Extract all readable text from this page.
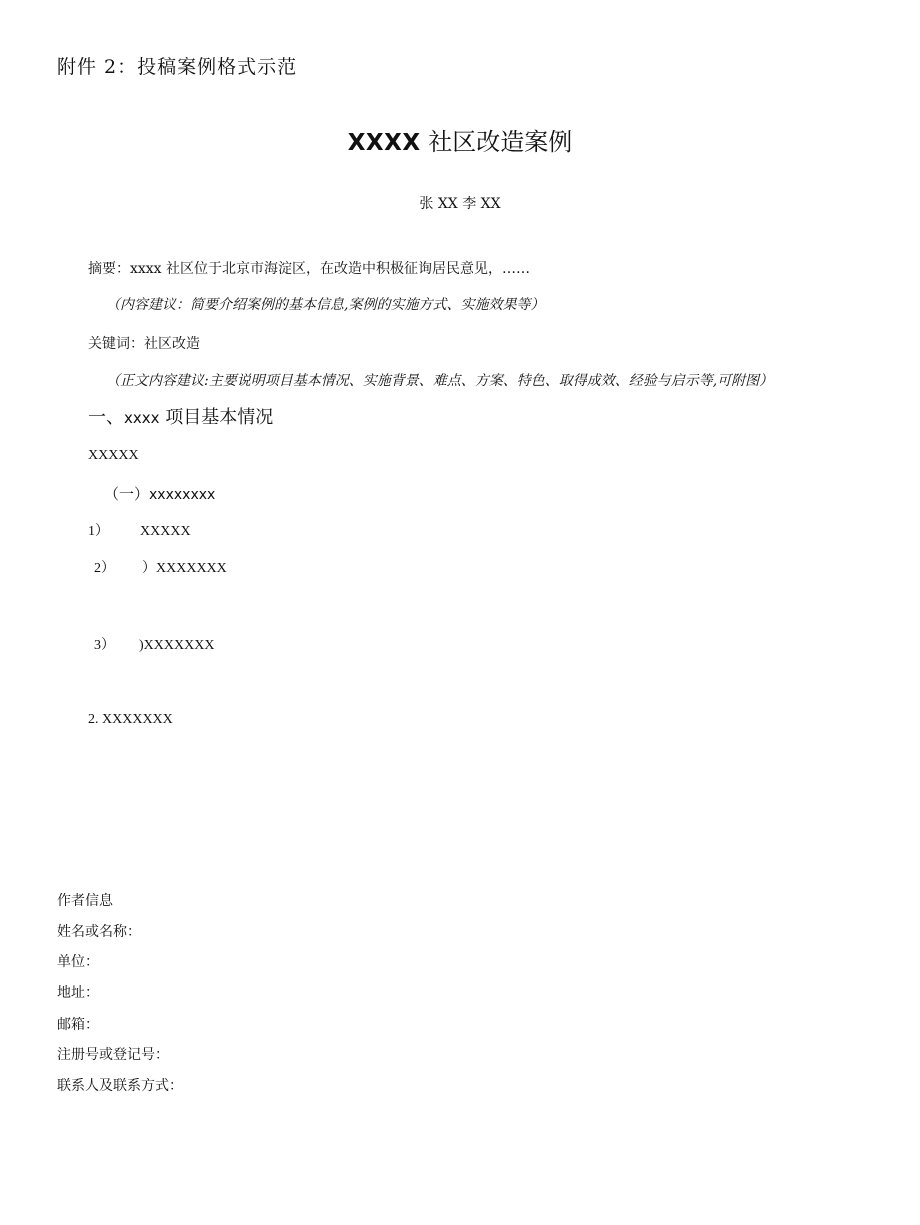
附件 2：投稿案例格式示范
XXXX 社区改造案例
张 XX 李 XX
摘要：xxxx 社区位于北京市海淀区，在改造中积极征询居民意见，……
（内容建议：简要介绍案例的基本信息,案例的实施方式、实施效果等）
关键词：社区改造
（正文内容建议:主要说明项目基本情况、实施背景、难点、方案、特色、取得成效、经验与启示等,可附图）
一、xxxx 项目基本情况
XXXXX
（一）xxxxxxxx
1） XXXXX
2） ）XXXXXXX
3） )XXXXXXX
2. XXXXXXX
作者信息
姓名或名称：
单位：
地址：
邮箱：
注册号或登记号：
联系人及联系方式：
